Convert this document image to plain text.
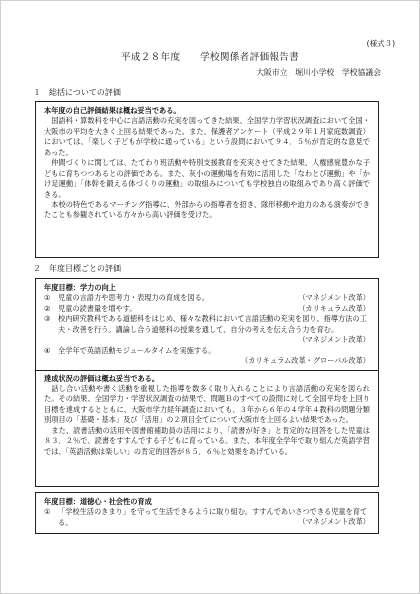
(様式３)
平成２８年度　　学校関係者評価報告書
大阪市立　堀川小学校　学校協議会
１　総括についての評価

本年度の自己評価結果は概ね妥当である。

国語科・算数科を中心に言語活動の充実を図ってきた結果、全国学力学習状況調査において全国・大阪市の平均を大きく上回る結果であった。また、保護者アンケート（平成２９年１月家庭数調査）においては、「楽しく子どもが学校に通っている」という設問において９４．５％が肯定的な意見であった。

仲間づくりに関しては、たてわり班活動や特別支援教育を充実させてきた結果、人権感覚豊かな子どもに育ちつつあるとの評価である。また、灰小の運動場を有効に活用した「なわとび運動」や「かけ足運動」「体幹を鍛える体づくりの運動」の取組みについても学校独自の取組みであり高く評価できる。

本校の特色であるマーチング指導に、外部からの指導者を招き、隊形移動や迫力のある演奏ができたことも参観されている方々から高い評価を受けた。

２　年度目標ごとの評価
年度目標：学力の向上
①	児童の言語力や思考力・表現力の育成を図る。	（マネジメント改革）
②	児童の読書量を増やす。	（カリキュラム改革）
③	校内研究教科である道徳科をはじめ、様々な教科において言語活動の充実を図り、指導方法の工夫・改善を行う。講論し合う道徳科の授業を通して、自分の考えを伝え合う力を育む。
（マネジメント改革）
④	全学年で英語活動モジュールタイムを実施する。
（カリキュラム改革・グローバル改革）

達成状況の評価は概ね妥当である。

話し合い活動や書く活動を重視した指導を数多く取り入れることにより言語活動の充実を図られた。その結果、全国学力・学習状況調査の結果で、問題Ｂのすべての設問に対して全国平均を上回り目標を達成するとともに、大阪市学力経年調査においても、３年から６年の４学年４教科の問題分類別項目の「基礎・基本」及び「活用」の２項目全てについて大阪市を上回るよい結果であった。

また、読書活動の活用や図書館補助員の活用により、「読書が好き」と肯定的な回答をした児童は８３．２％で、読書をすすんでする子どもに育っている。また、本年度全学年で取り組んだ英語学習では、「英語活動は楽しい」の肯定的回答が８５．６％と効果をあげている。

年度目標：道徳心・社会性の育成
①	「学校生活のきまり」を守って生活できるように取り組む。すすんであいさつできる児童を育てる。	（マネジメント改革）
